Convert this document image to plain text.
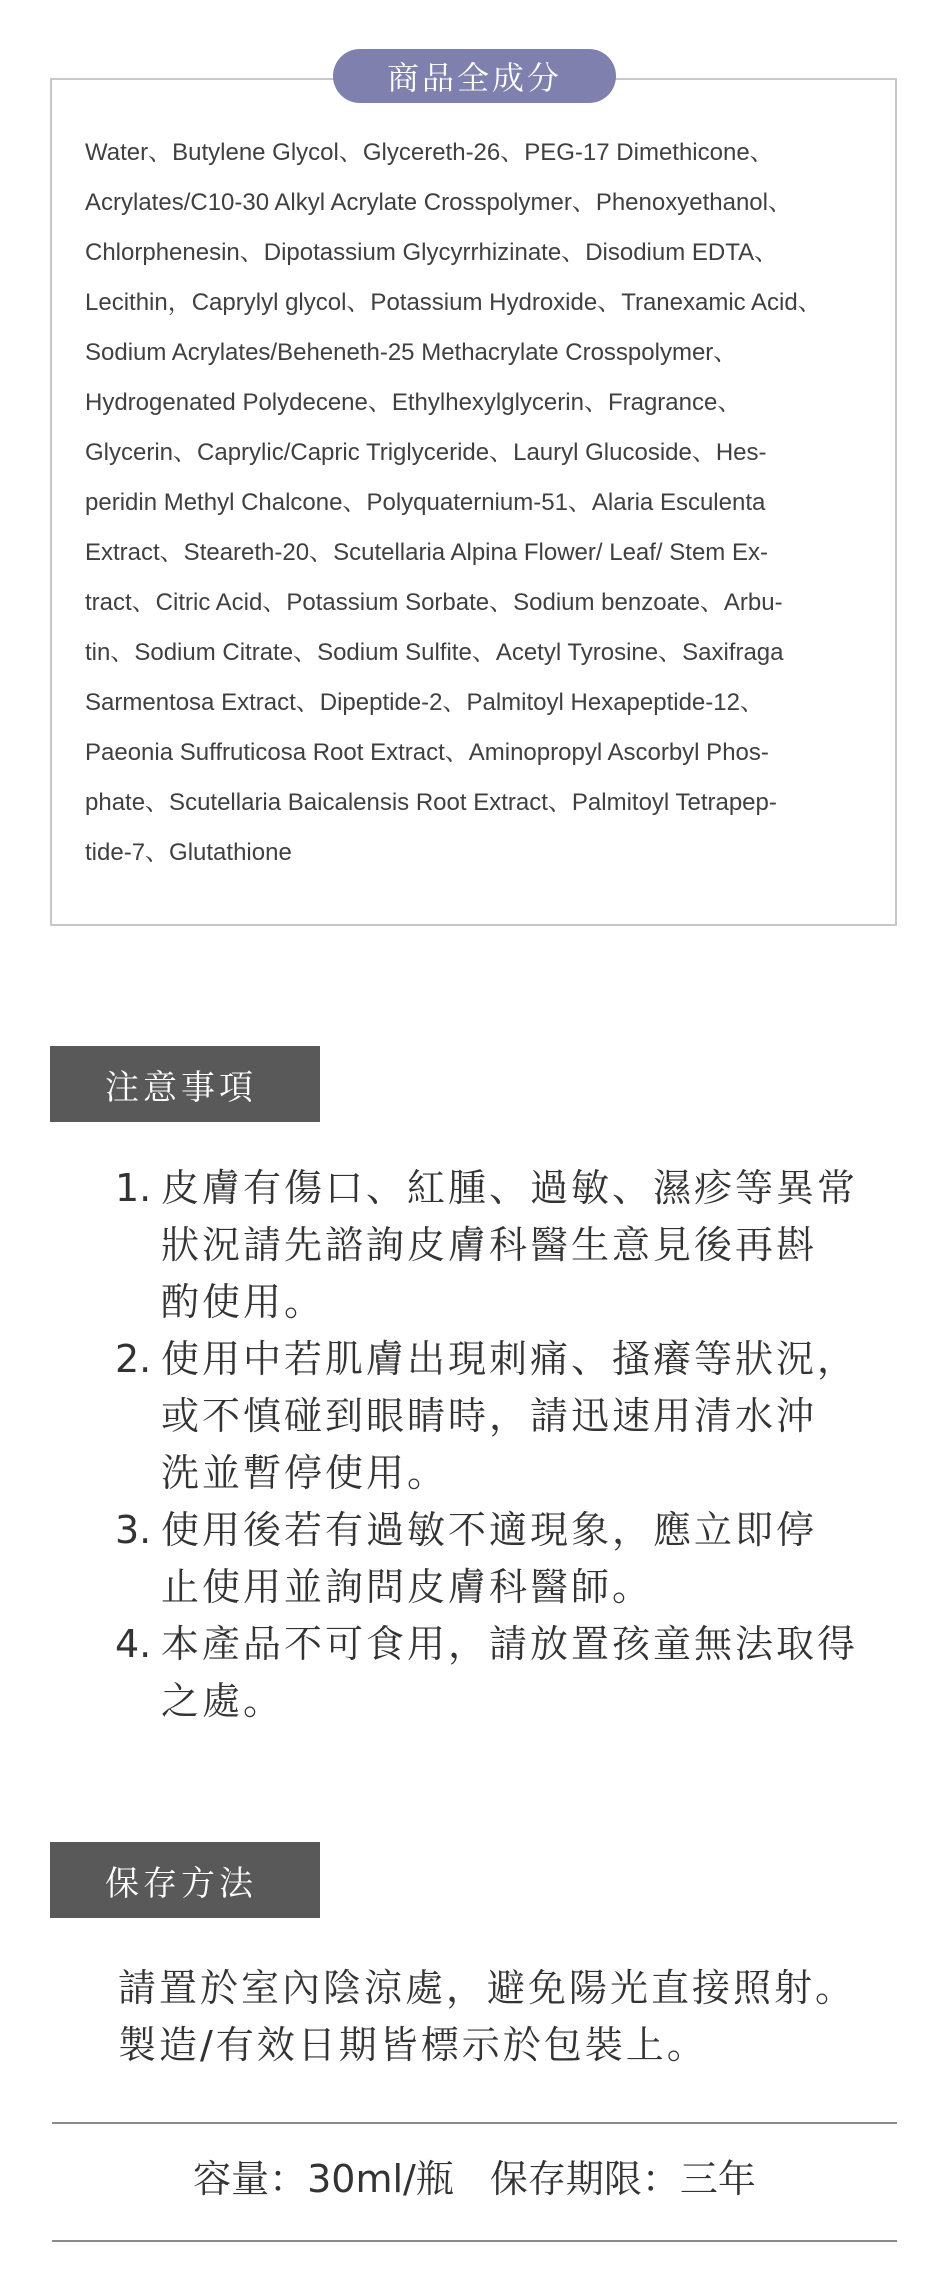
商品全成分

Water、Butylene Glycol、Glycereth-26、PEG-17 Dimethicone、
Acrylates/C10-30 Alkyl Acrylate Crosspolymer、Phenoxyethanol、
Chlorphenesin、Dipotassium Glycyrrhizinate、Disodium EDTA、
Lecithin，Caprylyl glycol、Potassium Hydroxide、Tranexamic Acid、
Sodium Acrylates/Beheneth-25 Methacrylate Crosspolymer、
Hydrogenated Polydecene、Ethylhexylglycerin、Fragrance、
Glycerin、Caprylic/Capric Triglyceride、Lauryl Glucoside、Hes-
peridin Methyl Chalcone、Polyquaternium-51、Alaria Esculenta
Extract、Steareth-20、Scutellaria Alpina Flower/ Leaf/ Stem Ex-
tract、Citric Acid、Potassium Sorbate、Sodium benzoate、Arbu-
tin、Sodium Citrate、Sodium Sulfite、Acetyl Tyrosine、Saxifraga
Sarmentosa Extract、Dipeptide-2、Palmitoyl Hexapeptide-12、
Paeonia Suffruticosa Root Extract、Aminopropyl Ascorbyl Phos-
phate、Scutellaria Baicalensis Root Extract、Palmitoyl Tetrapep-
tide-7、Glutathione

注意事項
1. 皮膚有傷口、紅腫、過敏、濕疹等異常
狀況請先諮詢皮膚科醫生意見後再斟
酌使用。
2. 使用中若肌膚出現刺痛、搔癢等狀況，
或不慎碰到眼睛時，請迅速用清水沖
洗並暫停使用。
3. 使用後若有過敏不適現象，應立即停
止使用並詢問皮膚科醫師。
4. 本產品不可食用，請放置孩童無法取得
之處。
保存方法
請置於室內陰涼處，避免陽光直接照射。
製造/有效日期皆標示於包裝上。
容量：30ml/瓶 保存期限：三年
